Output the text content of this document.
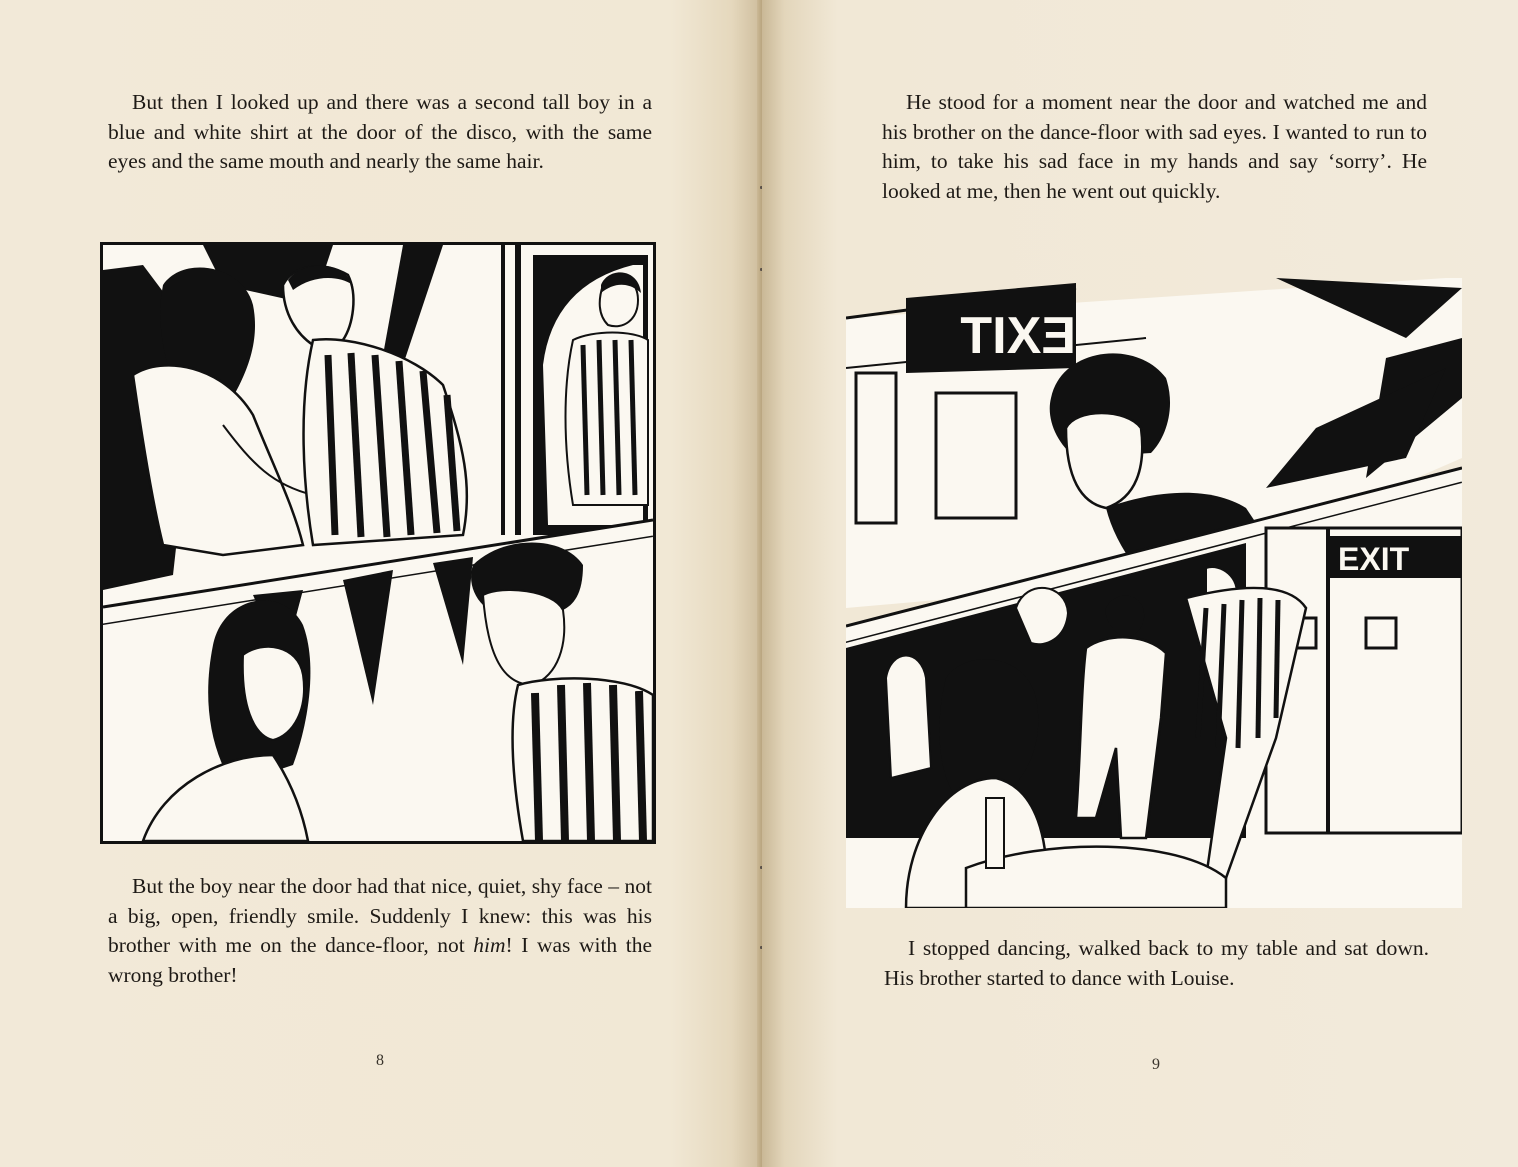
But then I looked up and there was a second tall boy in a blue and white shirt at the door of the disco, with the same eyes and the same mouth and nearly the same hair.

But the boy near the door had that nice, quiet, shy face – not a big, open, friendly smile. Suddenly I knew: this was his brother with me on the dance-floor, not him! I was with the wrong brother!

8

He stood for a moment near the door and watched me and his brother on the dance-floor with sad eyes. I wanted to run to him, to take his sad face in my hands and say ‘sorry’. He looked at me, then he went out quickly.

EXIT
EXIT

I stopped dancing, walked back to my table and sat down. His brother started to dance with Louise.

9
